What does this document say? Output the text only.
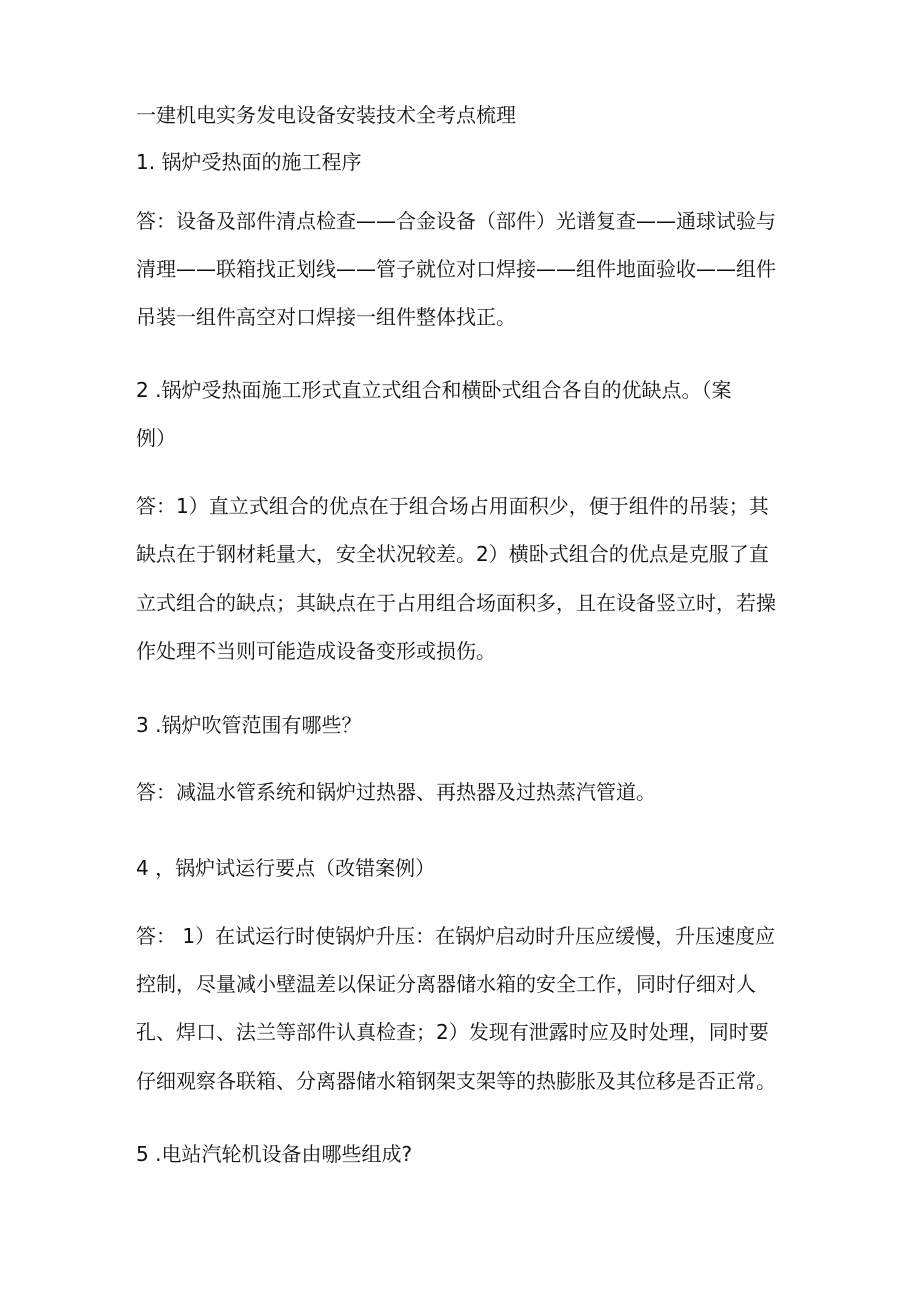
一建机电实务发电设备安装技术全考点梳理
1. 锅炉受热面的施工程序
答：设备及部件清点检查——合金设备（部件）光谱复查——通球试验与
清理——联箱找正划线——管子就位对口焊接——组件地面验收——组件
吊装一组件高空对口焊接一组件整体找正。
2 .锅炉受热面施工形式直立式组合和横卧式组合各自的优缺点。（案
例）
答：1）直立式组合的优点在于组合场占用面积少，便于组件的吊装；其
缺点在于钢材耗量大，安全状况较差。2）横卧式组合的优点是克服了直
立式组合的缺点；其缺点在于占用组合场面积多，且在设备竖立时，若操
作处理不当则可能造成设备变形或损伤。
3 .锅炉吹管范围有哪些？
答：减温水管系统和锅炉过热器、再热器及过热蒸汽管道。
4 ，锅炉试运行要点（改错案例）
答： 1）在试运行时使锅炉升压：在锅炉启动时升压应缓慢，升压速度应
控制，尽量减小壁温差以保证分离器储水箱的安全工作，同时仔细对人
孔、焊口、法兰等部件认真检查；2）发现有泄露时应及时处理，同时要
仔细观察各联箱、分离器储水箱钢架支架等的热膨胀及其位移是否正常。
5 .电站汽轮机设备由哪些组成?
